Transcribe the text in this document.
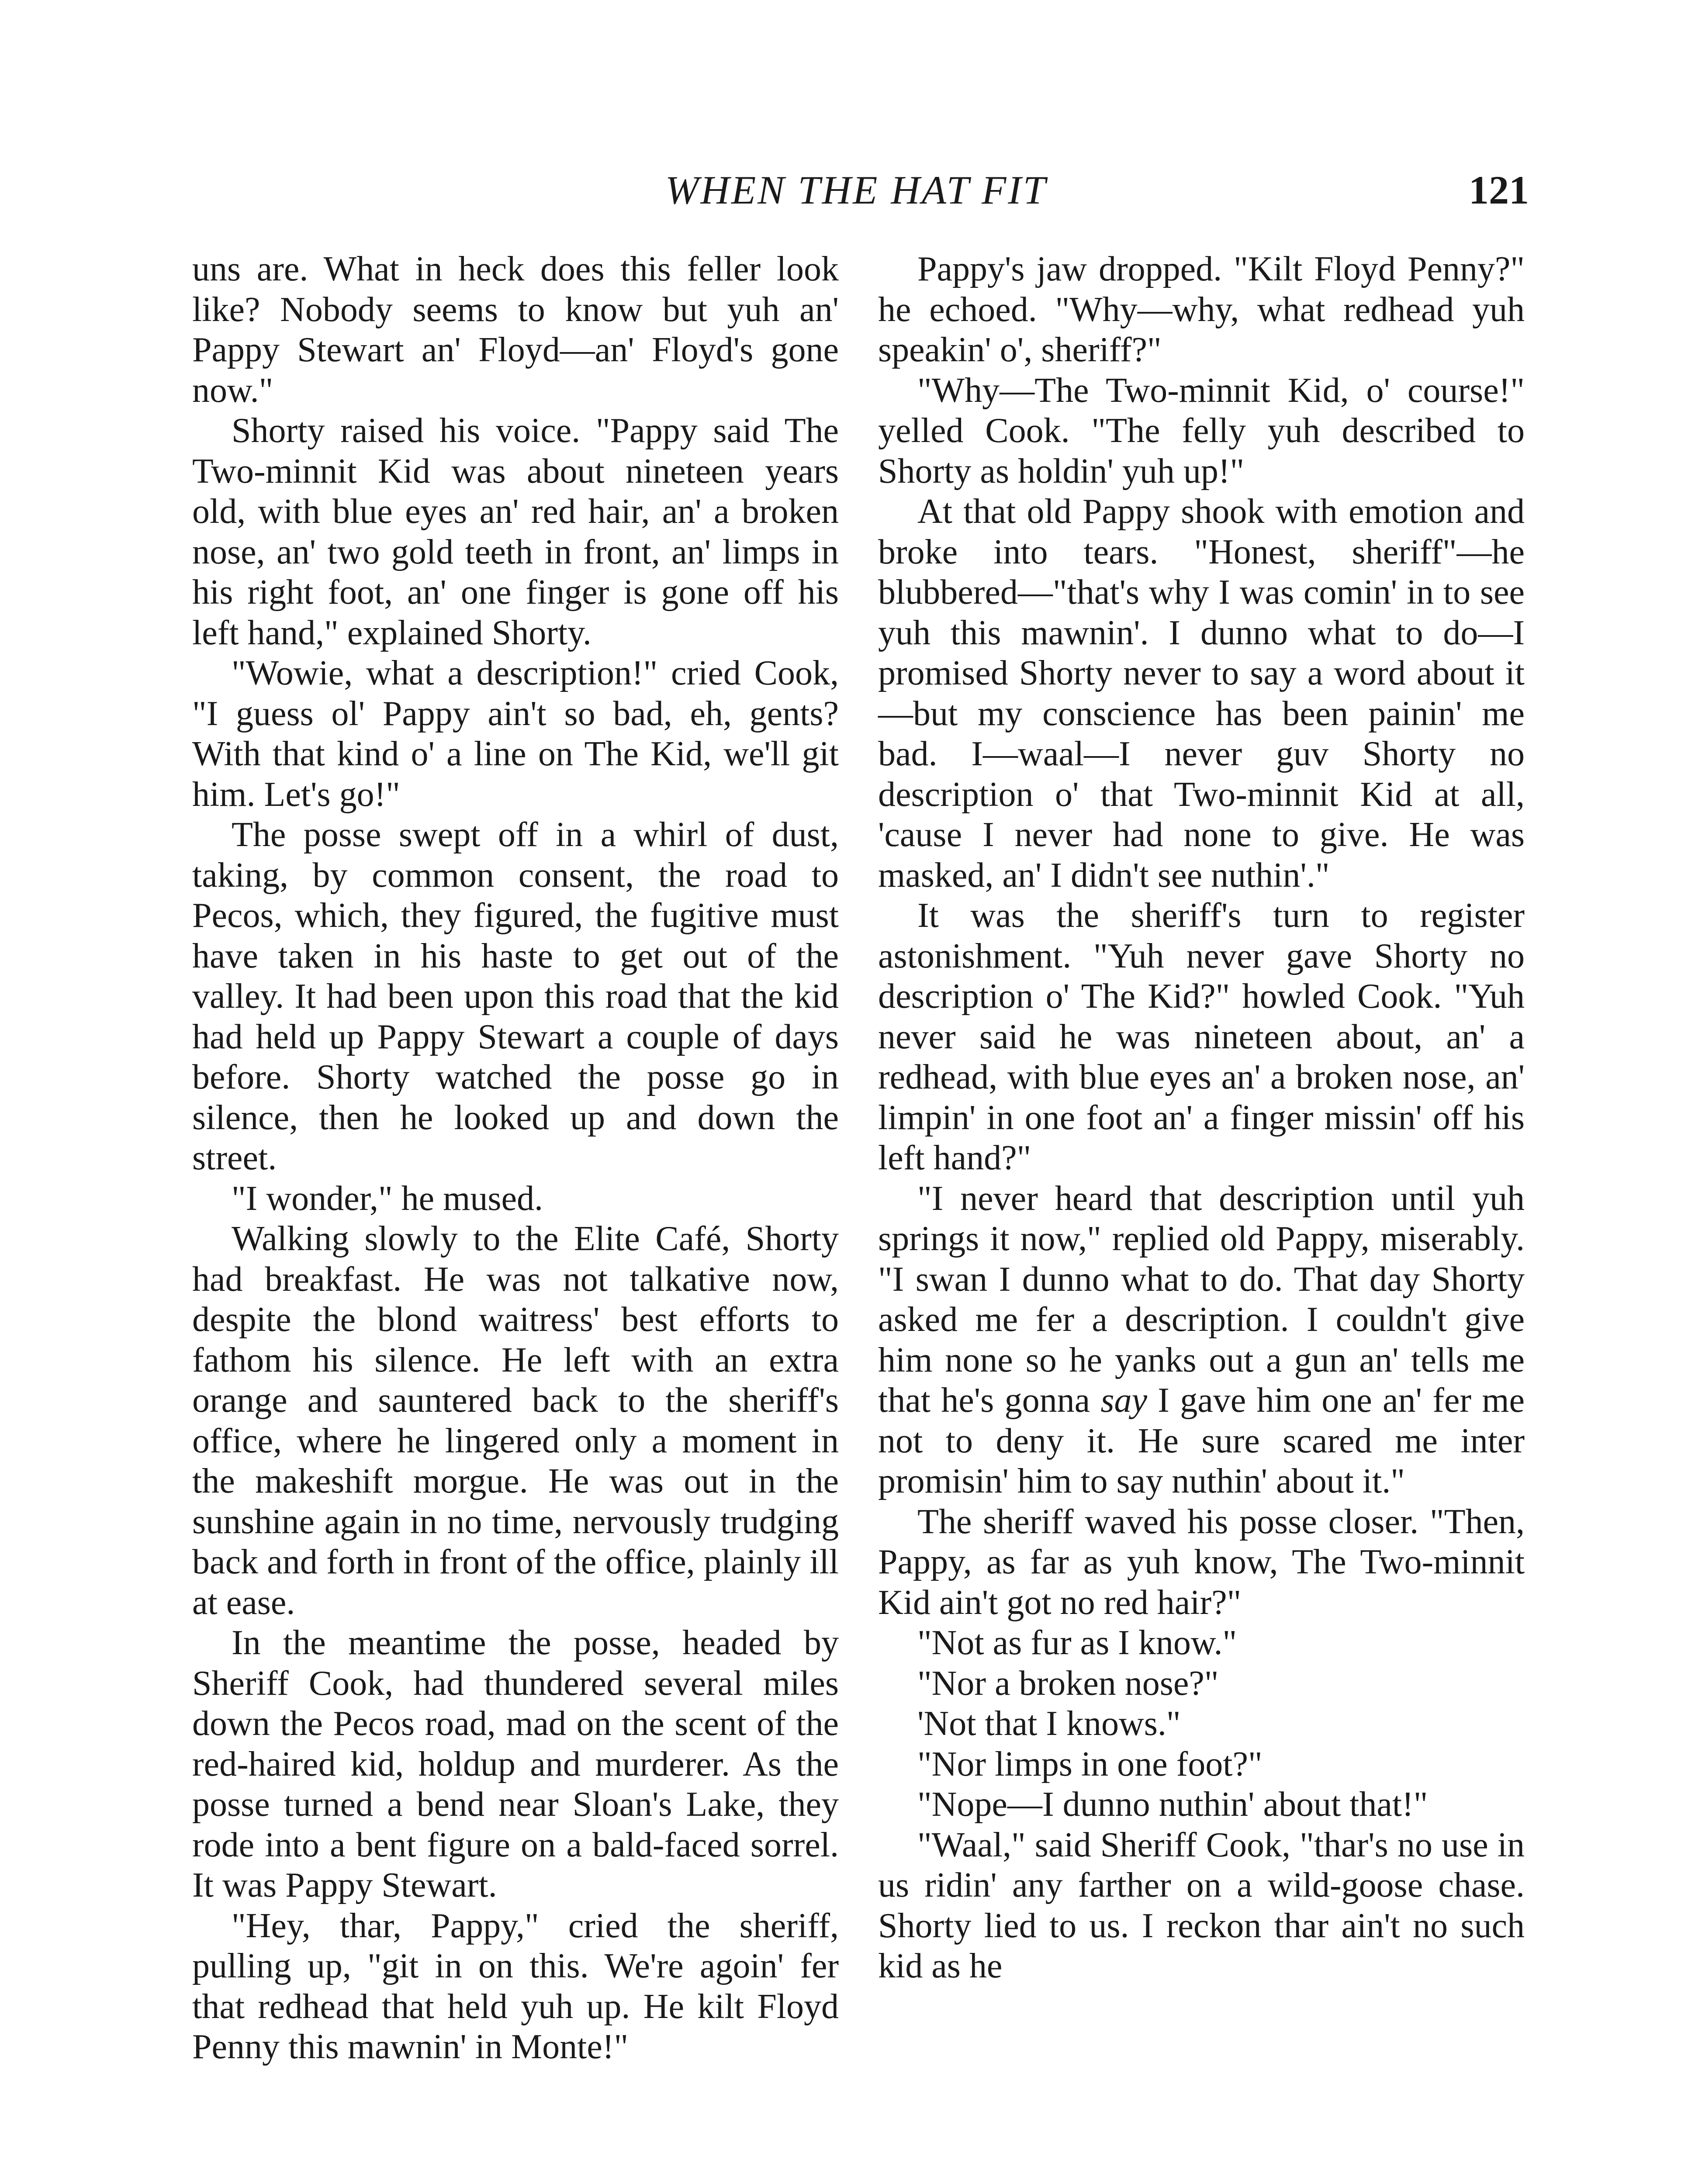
WHEN THE HAT FIT	121

uns are. What in heck does this feller look like? Nobody seems to know but yuh an' Pappy Stewart an' Floyd—an' Floyd's gone now."

Shorty raised his voice. "Pappy said The Two-minnit Kid was about nineteen years old, with blue eyes an' red hair, an' a broken nose, an' two gold teeth in front, an' limps in his right foot, an' one finger is gone off his left hand," explained Shorty.

"Wowie, what a description!" cried Cook, "I guess ol' Pappy ain't so bad, eh, gents? With that kind o' a line on The Kid, we'll git him. Let's go!"

The posse swept off in a whirl of dust, taking, by common consent, the road to Pecos, which, they figured, the fugitive must have taken in his haste to get out of the valley. It had been upon this road that the kid had held up Pappy Stewart a couple of days before. Shorty watched the posse go in silence, then he looked up and down the street.

"I wonder," he mused.

Walking slowly to the Elite Café, Shorty had breakfast. He was not talkative now, despite the blond waitress' best efforts to fathom his silence. He left with an extra orange and sauntered back to the sheriff's office, where he lingered only a moment in the makeshift morgue. He was out in the sunshine again in no time, nervously trudging back and forth in front of the office, plainly ill at ease.

In the meantime the posse, headed by Sheriff Cook, had thundered several miles down the Pecos road, mad on the scent of the red-haired kid, holdup and murderer. As the posse turned a bend near Sloan's Lake, they rode into a bent figure on a bald-faced sorrel. It was Pappy Stewart.

"Hey, thar, Pappy," cried the sheriff, pulling up, "git in on this. We're agoin' fer that redhead that held yuh up. He kilt Floyd Penny this mawnin' in Monte!"

Pappy's jaw dropped. "Kilt Floyd Penny?" he echoed. "Why—why, what redhead yuh speakin' o', sheriff?"

"Why—The Two-minnit Kid, o' course!" yelled Cook. "The felly yuh described to Shorty as holdin' yuh up!"

At that old Pappy shook with emotion and broke into tears. "Honest, sheriff"—he blubbered—"that's why I was comin' in to see yuh this mawnin'. I dunno what to do—I promised Shorty never to say a word about it—but my conscience has been painin' me bad. I—waal—I never guv Shorty no description o' that Two-minnit Kid at all, 'cause I never had none to give. He was masked, an' I didn't see nuthin'."

It was the sheriff's turn to register astonishment. "Yuh never gave Shorty no description o' The Kid?" howled Cook. "Yuh never said he was nineteen about, an' a redhead, with blue eyes an' a broken nose, an' limpin' in one foot an' a finger missin' off his left hand?"

"I never heard that description until yuh springs it now," replied old Pappy, miserably. "I swan I dunno what to do. That day Shorty asked me fer a description. I couldn't give him none so he yanks out a gun an' tells me that he's gonna say I gave him one an' fer me not to deny it. He sure scared me inter promisin' him to say nuthin' about it."

The sheriff waved his posse closer. "Then, Pappy, as far as yuh know, The Two-minnit Kid ain't got no red hair?"

"Not as fur as I know."

"Nor a broken nose?"

'Not that I knows."

"Nor limps in one foot?"

"Nope—I dunno nuthin' about that!"

"Waal," said Sheriff Cook, "thar's no use in us ridin' any farther on a wild-goose chase. Shorty lied to us. I reckon thar ain't no such kid as he
